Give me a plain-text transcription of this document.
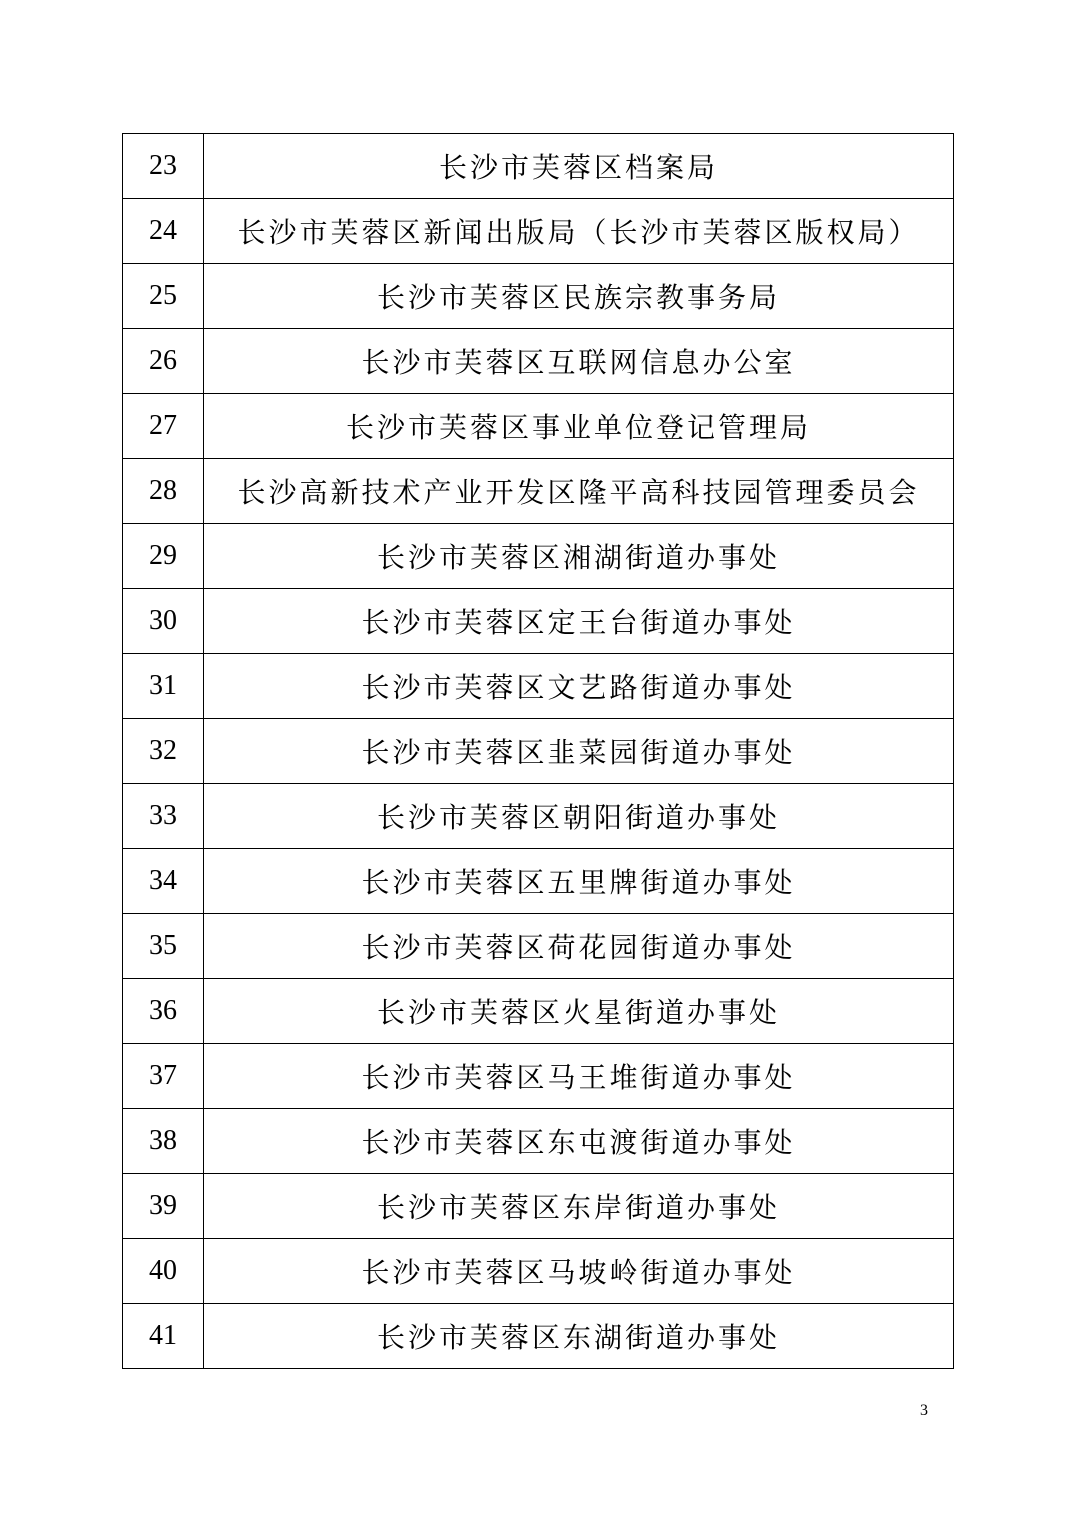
23	长沙市芙蓉区档案局
24	长沙市芙蓉区新闻出版局（长沙市芙蓉区版权局）
25	长沙市芙蓉区民族宗教事务局
26	长沙市芙蓉区互联网信息办公室
27	长沙市芙蓉区事业单位登记管理局
28	长沙高新技术产业开发区隆平高科技园管理委员会
29	长沙市芙蓉区湘湖街道办事处
30	长沙市芙蓉区定王台街道办事处
31	长沙市芙蓉区文艺路街道办事处
32	长沙市芙蓉区韭菜园街道办事处
33	长沙市芙蓉区朝阳街道办事处
34	长沙市芙蓉区五里牌街道办事处
35	长沙市芙蓉区荷花园街道办事处
36	长沙市芙蓉区火星街道办事处
37	长沙市芙蓉区马王堆街道办事处
38	长沙市芙蓉区东屯渡街道办事处
39	长沙市芙蓉区东岸街道办事处
40	长沙市芙蓉区马坡岭街道办事处
41	长沙市芙蓉区东湖街道办事处
3
